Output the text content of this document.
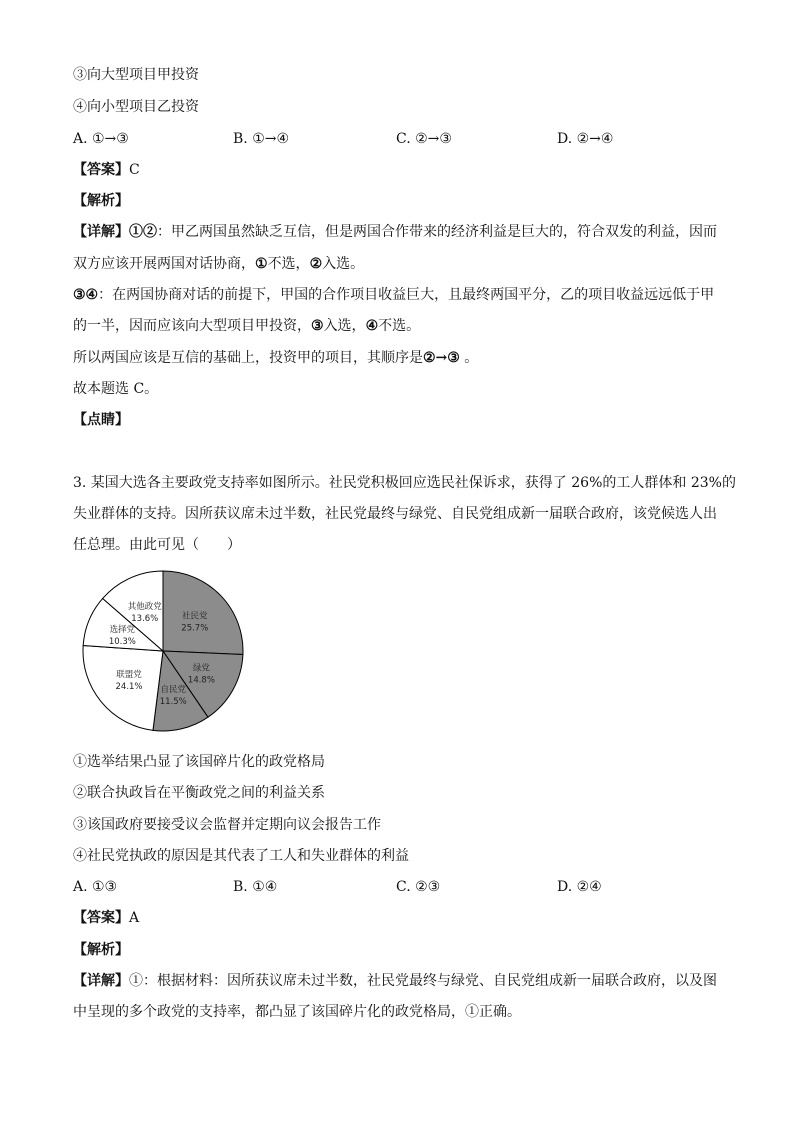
③向大型项目甲投资
④向小型项目乙投资
A. ①→③	B. ①→④	C. ②→③	D. ②→④
【答案】C
【解析】
【详解】①②：甲乙两国虽然缺乏互信，但是两国合作带来的经济利益是巨大的，符合双发的利益，因而
双方应该开展两国对话协商，①不选，②入选。
③④：在两国协商对话的前提下，甲国的合作项目收益巨大，且最终两国平分，乙的项目收益远远低于甲
的一半，因而应该向大型项目甲投资，③入选，④不选。
所以两国应该是互信的基础上，投资甲的项目，其顺序是②→③ 。
故本题选 C。
【点睛】
3. 某国大选各主要政党支持率如图所示。社民党积极回应选民社保诉求，获得了 26%的工人群体和 23%的
失业群体的支持。因所获议席未过半数，社民党最终与绿党、自民党组成新一届联合政府，该党候选人出
任总理。由此可见（　　）
社民党
25.7%
绿党
14.8%
自民党
11.5%
联盟党
24.1%
选择党
10.3%
其他政党
13.6%
①选举结果凸显了该国碎片化的政党格局
②联合执政旨在平衡政党之间的利益关系
③该国政府要接受议会监督并定期向议会报告工作
④社民党执政的原因是其代表了工人和失业群体的利益
A. ①③	B. ①④	C. ②③	D. ②④
【答案】A
【解析】
【详解】①：根据材料：因所获议席未过半数，社民党最终与绿党、自民党组成新一届联合政府，以及图
中呈现的多个政党的支持率，都凸显了该国碎片化的政党格局，①正确。
